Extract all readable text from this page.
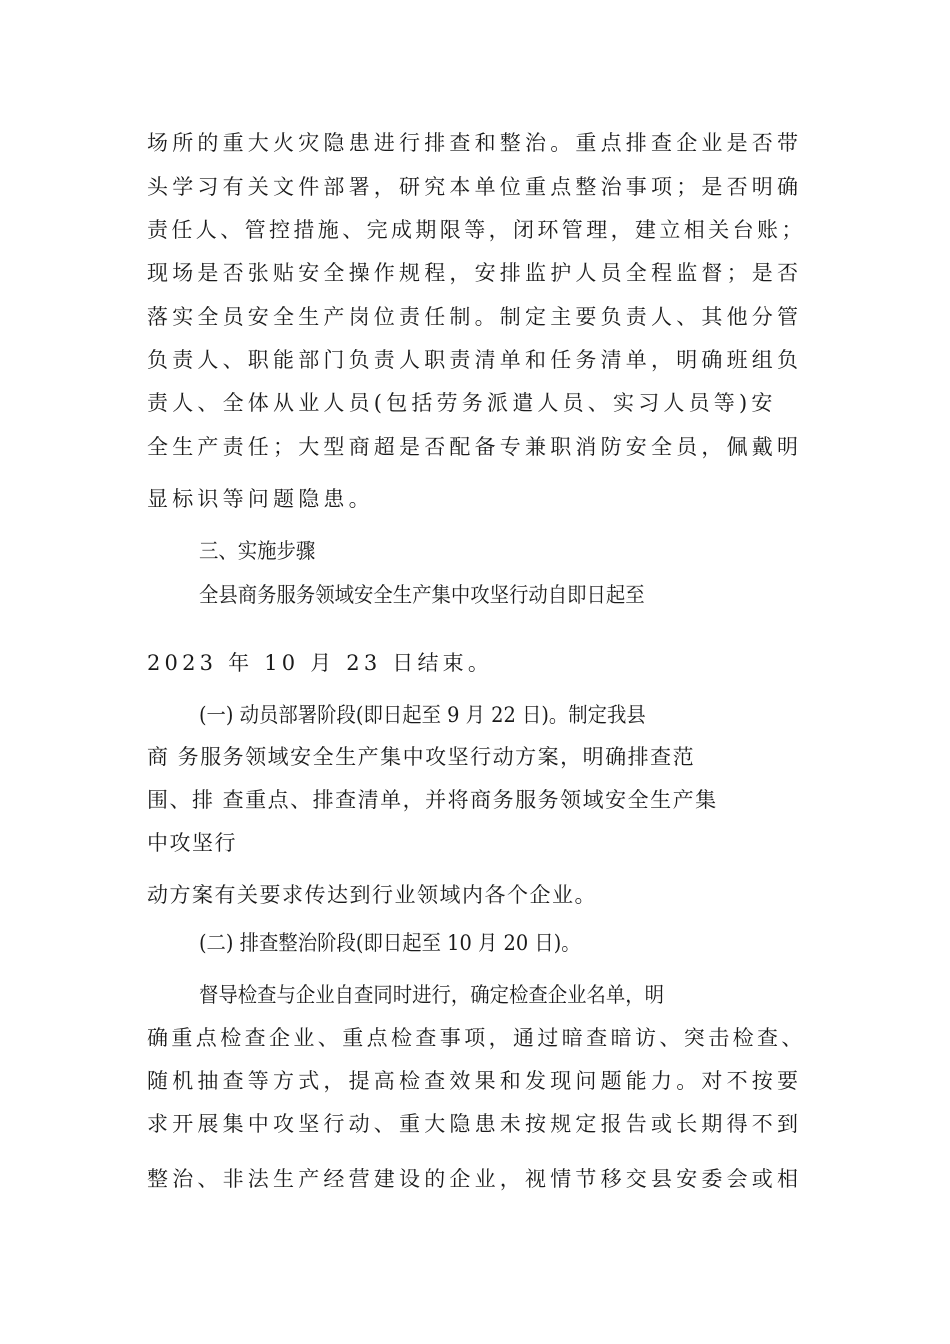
场所的重大火灾隐患进行排查和整治。重点排查企业是否带
头学习有关文件部署，研究本单位重点整治事项；是否明确
责任人、管控措施、完成期限等，闭环管理，建立相关台账；
现场是否张贴安全操作规程，安排监护人员全程监督；是否
落实全员安全生产岗位责任制。制定主要负责人、其他分管
负责人、职能部门负责人职责清单和任务清单，明确班组负
责人、全体从业人员(包括劳务派遣人员、实习人员等)安
全生产责任；大型商超是否配备专兼职消防安全员，佩戴明
显标识等问题隐患。
三、实施步骤
全县商务服务领域安全生产集中攻坚行动自即日起至
2023 年 10 月 23 日结束。
(一) 动员部署阶段(即日起至 9 月 22 日)。制定我县
商 务服务领域安全生产集中攻坚行动方案，明确排查范
围、排 查重点、排查清单，并将商务服务领域安全生产集
中攻坚行
动方案有关要求传达到行业领域内各个企业。
(二) 排查整治阶段(即日起至 10 月 20 日)。
督导检查与企业自查同时进行，确定检查企业名单，明
确重点检查企业、重点检查事项，通过暗查暗访、突击检查、
随机抽查等方式，提高检查效果和发现问题能力。对不按要
求开展集中攻坚行动、重大隐患未按规定报告或长期得不到
整治、非法生产经营建设的企业，视情节移交县安委会或相
